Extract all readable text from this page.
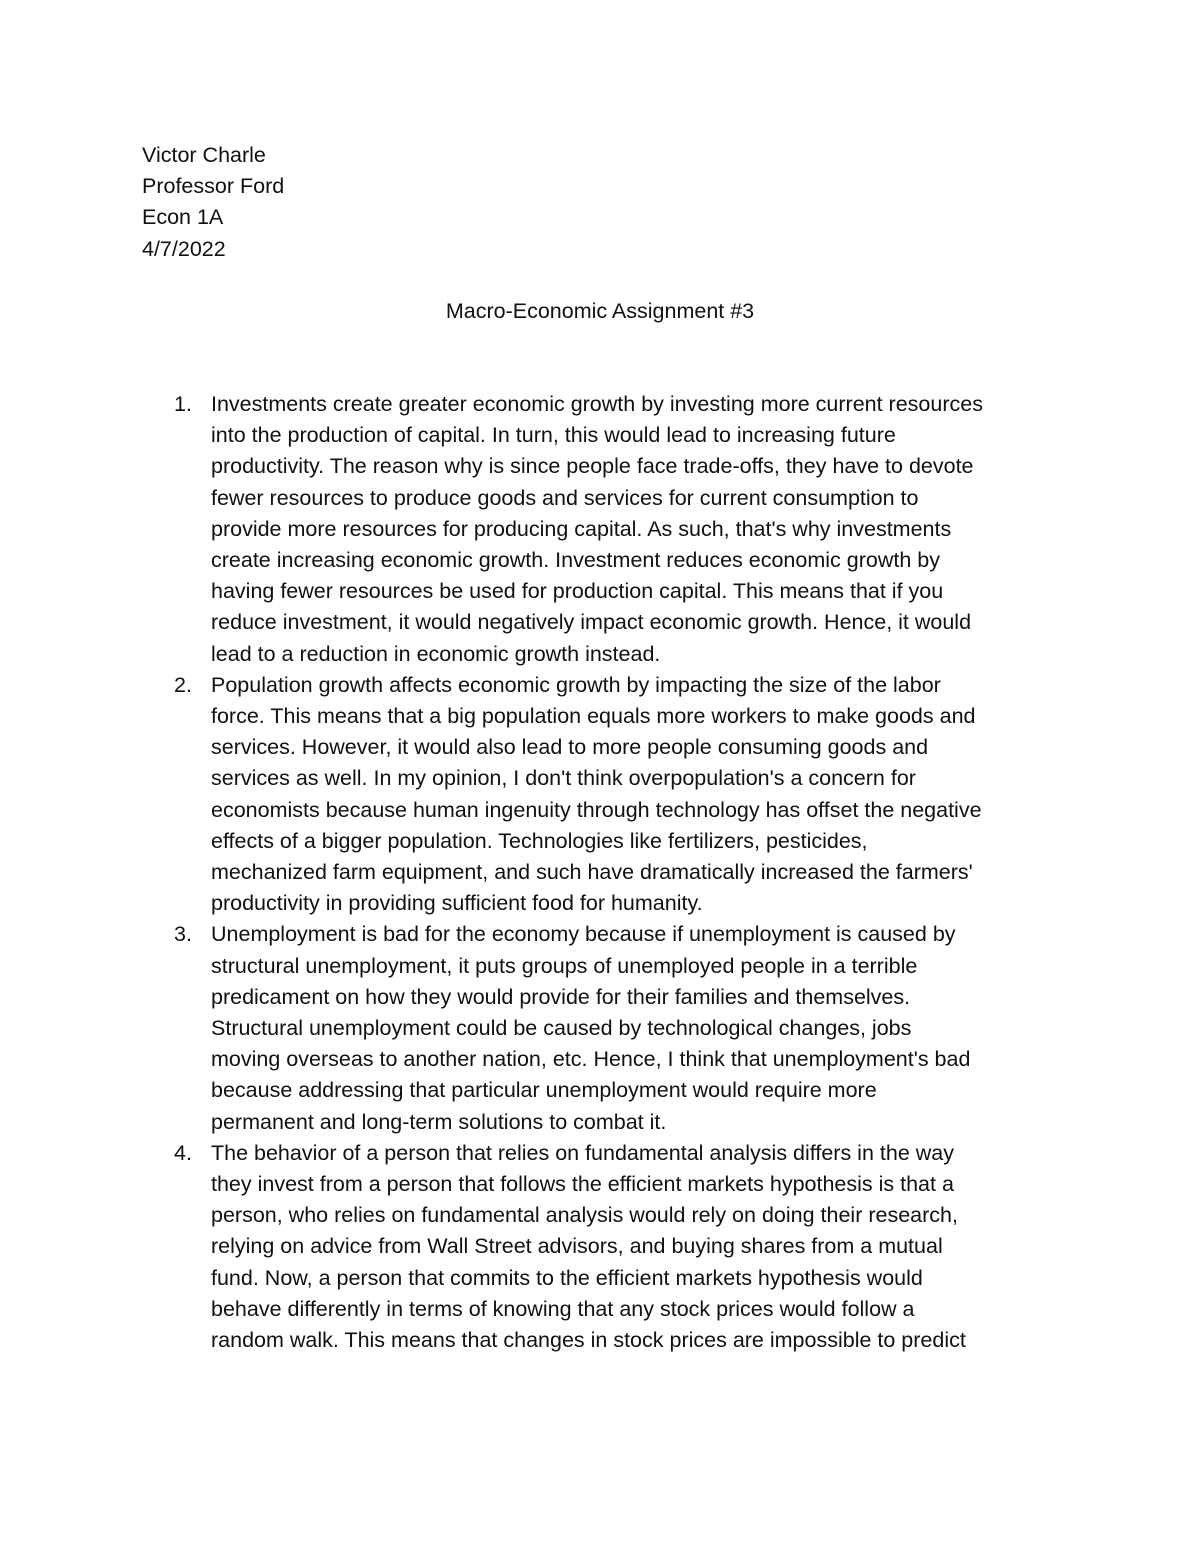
Victor Charle
Professor Ford
Econ 1A
4/7/2022
Macro-Economic Assignment #3
1. Investments create greater economic growth by investing more current resources
into the production of capital. In turn, this would lead to increasing future
productivity. The reason why is since people face trade-offs, they have to devote
fewer resources to produce goods and services for current consumption to
provide more resources for producing capital. As such, that's why investments
create increasing economic growth. Investment reduces economic growth by
having fewer resources be used for production capital. This means that if you
reduce investment, it would negatively impact economic growth. Hence, it would
lead to a reduction in economic growth instead.
2. Population growth affects economic growth by impacting the size of the labor
force. This means that a big population equals more workers to make goods and
services. However, it would also lead to more people consuming goods and
services as well. In my opinion, I don't think overpopulation's a concern for
economists because human ingenuity through technology has offset the negative
effects of a bigger population. Technologies like fertilizers, pesticides,
mechanized farm equipment, and such have dramatically increased the farmers'
productivity in providing sufficient food for humanity.
3. Unemployment is bad for the economy because if unemployment is caused by
structural unemployment, it puts groups of unemployed people in a terrible
predicament on how they would provide for their families and themselves.
Structural unemployment could be caused by technological changes, jobs
moving overseas to another nation, etc. Hence, I think that unemployment's bad
because addressing that particular unemployment would require more
permanent and long-term solutions to combat it.
4. The behavior of a person that relies on fundamental analysis differs in the way
they invest from a person that follows the efficient markets hypothesis is that a
person, who relies on fundamental analysis would rely on doing their research,
relying on advice from Wall Street advisors, and buying shares from a mutual
fund. Now, a person that commits to the efficient markets hypothesis would
behave differently in terms of knowing that any stock prices would follow a
random walk. This means that changes in stock prices are impossible to predict
